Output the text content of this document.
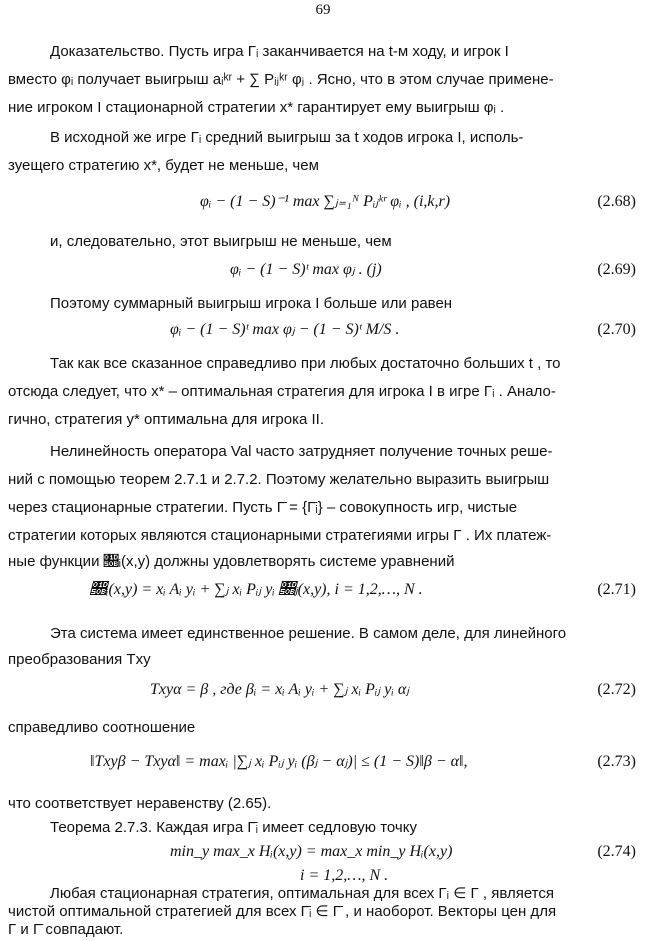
69
Доказательство. Пусть игра Γᵢ заканчивается на t-м ходу, и игрок I
вместо φᵢ получает выигрыш aᵢᵏʳ + ∑ Pᵢⱼᵏʳ φⱼ . Ясно, что в этом случае примене-
ние игроком I стационарной стратегии x* гарантирует ему выигрыш φᵢ .
В исходной же игре Γᵢ средний выигрыш за t ходов игрока I, исполь-
зуещего стратегию x*, будет не меньше, чем
φᵢ − (1 − S)⁻¹ max ∑ⱼ₌₁ᴺ Pᵢⱼᵏʳ φᵢ , (i,k,r)	(2.68)
и, следовательно, этот выигрыш не меньше, чем
φᵢ − (1 − S)ᵗ max φⱼ . (j)	(2.69)
Поэтому суммарный выигрыш игрока I больше или равен
φᵢ − (1 − S)ᵗ max φⱼ − (1 − S)ᵗ M/S .	(2.70)
Так как все сказанное справедливо при любых достаточно больших t , то
отсюда следует, что x* – оптимальная стратегия для игрока I в игре Γᵢ . Анало-
гично, стратегия y* оптимальна для игрока II.
Нелинейность оператора Val часто затрудняет получение точных реше-
ний с помощью теорем 2.7.1 и 2.7.2. Поэтому желательно выразить выигрыш
через стационарные стратегии. Пусть Γ̄ = {Γ̄ᵢ} – совокупность игр, чистые
стратегии которых являются стационарными стратегиями игры Γ . Их платеж-
ные функции 𝔋ᵢ(x,y) должны удовлетворять системе уравнений
𝔋ᵢ(x,y) = xᵢ Aᵢ yᵢ + ∑ⱼ xᵢ Pᵢⱼ yᵢ 𝔋ⱼ(x,y), i = 1,2,…, N .	(2.71)
Эта система имеет единственное решение. В самом деле, для линейного
преобразования Txy
Txyα = β , где βᵢ = xᵢ Aᵢ yᵢ + ∑ⱼ xᵢ Pᵢⱼ yᵢ αⱼ	(2.72)
справедливо соотношение
‖Txyβ − Txyα‖ = maxᵢ |∑ⱼ xᵢ Pᵢⱼ yᵢ (βⱼ − αⱼ)| ≤ (1 − S)‖β − α‖,	(2.73)
что соответствует неравенству (2.65).
Теорема 2.7.3. Каждая игра Γ̄ᵢ имеет седловую точку
min_y max_x Hᵢ(x,y) = max_x min_y Hᵢ(x,y)	(2.74)
i = 1,2,…, N .
Любая стационарная стратегия, оптимальная для всех Γᵢ ∈ Γ , является
чистой оптимальной стратегией для всех Γ̄ᵢ ∈ Γ̄ , и наоборот. Векторы цен для
Γ и Γ̄ совпадают.
